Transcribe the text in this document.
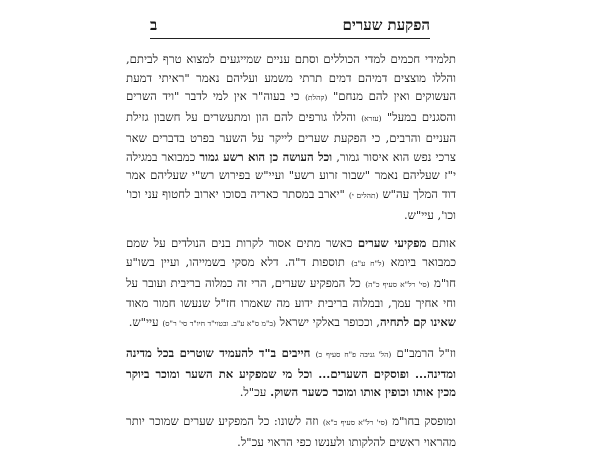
הפקעת שערים
ב

תלמידי חכמים למדי הכוללים וסתם עניים שמייגעים למצוא טרף לביתם, והללו מוצצים דמיהם דמים תרתי משמע ועליהם נאמר "ראיתי דמעת העשוקים ואין להם מנחם" (קהלת) כי בעוה"ר אין למי לדבר "ויד השרים והסגנים במעל" (עזרא) והללו גורפים להם הון ומתעשרים על חשבון גזילת העניים והרבים, כי הפקעת שערים לייקר על השער בפרט בדברים שאר צרכי נפש הוא איסור גמור, וכל העושה כן הוא רשע גמור כמבואר במגילה י"ז שעליהם נאמר "שבור זרוע רשע" ועיי"ש בפירוש רש"י שעליהם אמר דוד המלך עה"ש (תהלים י) "יארב במסתר כאריה בסוכו יארוב לחטוף עני וכו' וכו', עיי"ש.

אותם מפקיעי שערים כאשר מתים אסור לקרות בנים הנולדים על שמם כמבואר ביומא (ל"ח ע"ב) תוספות ד"ה. דלא מסקי בשמייהו, ועיין בשו"ע חו"מ (סי' רל"א סעיף כ"ה) כל המפקיע שערים, הרי זה כמלוה בריבית ועובר על וחי אחיך עמך, ובמלוה בריבית ידוע מה שאמרו חז"ל שנעשו חמור מאוד שאינו קם לתחיה, וככופר באלקי ישראל (ב"מ ס"א ע"ב. ובטוי"ד חיו"ד סי' ר"ס) עיי"ש.

וז"ל הרמב"ם (הל' גניבה פ"ח סעיף כ) חייבים ב"ד להעמיד שוטרים בכל מדינה ומדינה... ופוסקים השערים... וכל מי שמפקיע את השער ומוכר ביוקר מכין אותו וכופין אותו ומוכר כשער השוק. עכ"ל.

ומופסק בחו"מ (סי' רל"א סעיף כ"א) וזה לשונו: כל המפקיע שערים שמוכר יותר מהראוי ראשים להלקותו ולענשו כפי הראוי עכ"ל.
